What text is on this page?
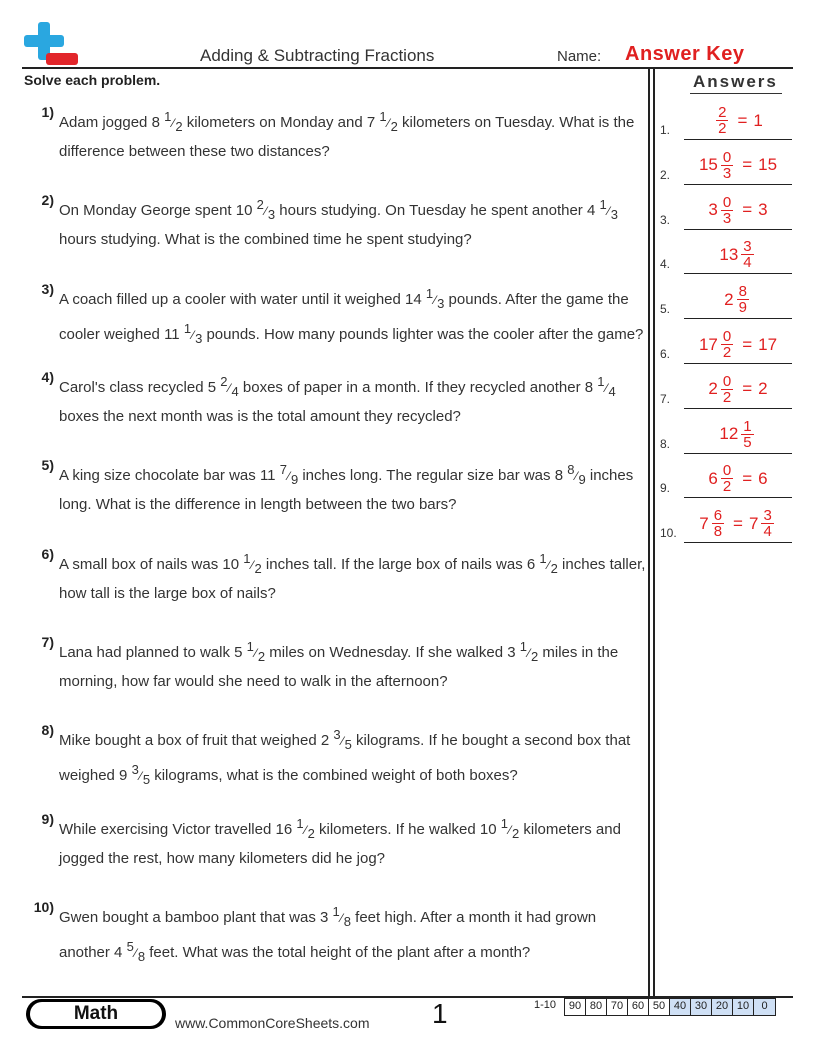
Adding & Subtracting Fractions	Name: Answer Key
Solve each problem.	Answers
1)
Adam jogged 8 1⁄2 kilometers on Monday and 7 1⁄2 kilometers on Tuesday. What is the difference between these two distances?
2)
On Monday George spent 10 2⁄3 hours studying. On Tuesday he spent another 4 1⁄3 hours studying. What is the combined time he spent studying?
3)
A coach filled up a cooler with water until it weighed 14 1⁄3 pounds. After the game the cooler weighed 11 1⁄3 pounds. How many pounds lighter was the cooler after the game?
4)
Carol's class recycled 5 2⁄4 boxes of paper in a month. If they recycled another 8 1⁄4 boxes the next month was is the total amount they recycled?
5)
A king size chocolate bar was 11 7⁄9 inches long. The regular size bar was 8 8⁄9 inches long. What is the difference in length between the two bars?
6)
A small box of nails was 10 1⁄2 inches tall. If the large box of nails was 6 1⁄2 inches taller, how tall is the large box of nails?
7)
Lana had planned to walk 5 1⁄2 miles on Wednesday. If she walked 3 1⁄2 miles in the morning, how far would she need to walk in the afternoon?
8)
Mike bought a box of fruit that weighed 2 3⁄5 kilograms. If he bought a second box that weighed 9 3⁄5 kilograms, what is the combined weight of both boxes?
9)
While exercising Victor travelled 16 1⁄2 kilometers. If he walked 10 1⁄2 kilometers and jogged the rest, how many kilometers did he jog?
10)
Gwen bought a bamboo plant that was 3 1⁄8 feet high. After a month it had grown another 4 5⁄8 feet. What was the total height of the plant after a month?
1.	$\frac{2}{2} = 1$
2.
$15 \frac{0}{3} = 15$
3.
$3 \frac{0}{3} = 3$
4.
$13 \frac{3}{4}$
5.
$2 \frac{8}{9}$
6.
$17 \frac{0}{2} = 17$
7.
$2 \frac{0}{2} = 2$
8.
$12 \frac{1}{5}$
9.
$6 \frac{0}{2} = 6$
10.
$7 \frac{6}{8} = 7 \frac{3}{4}$
Math	www.CommonCoreSheets.com 1	1-10	90 80 70 60 50 40 30 20 10	0
